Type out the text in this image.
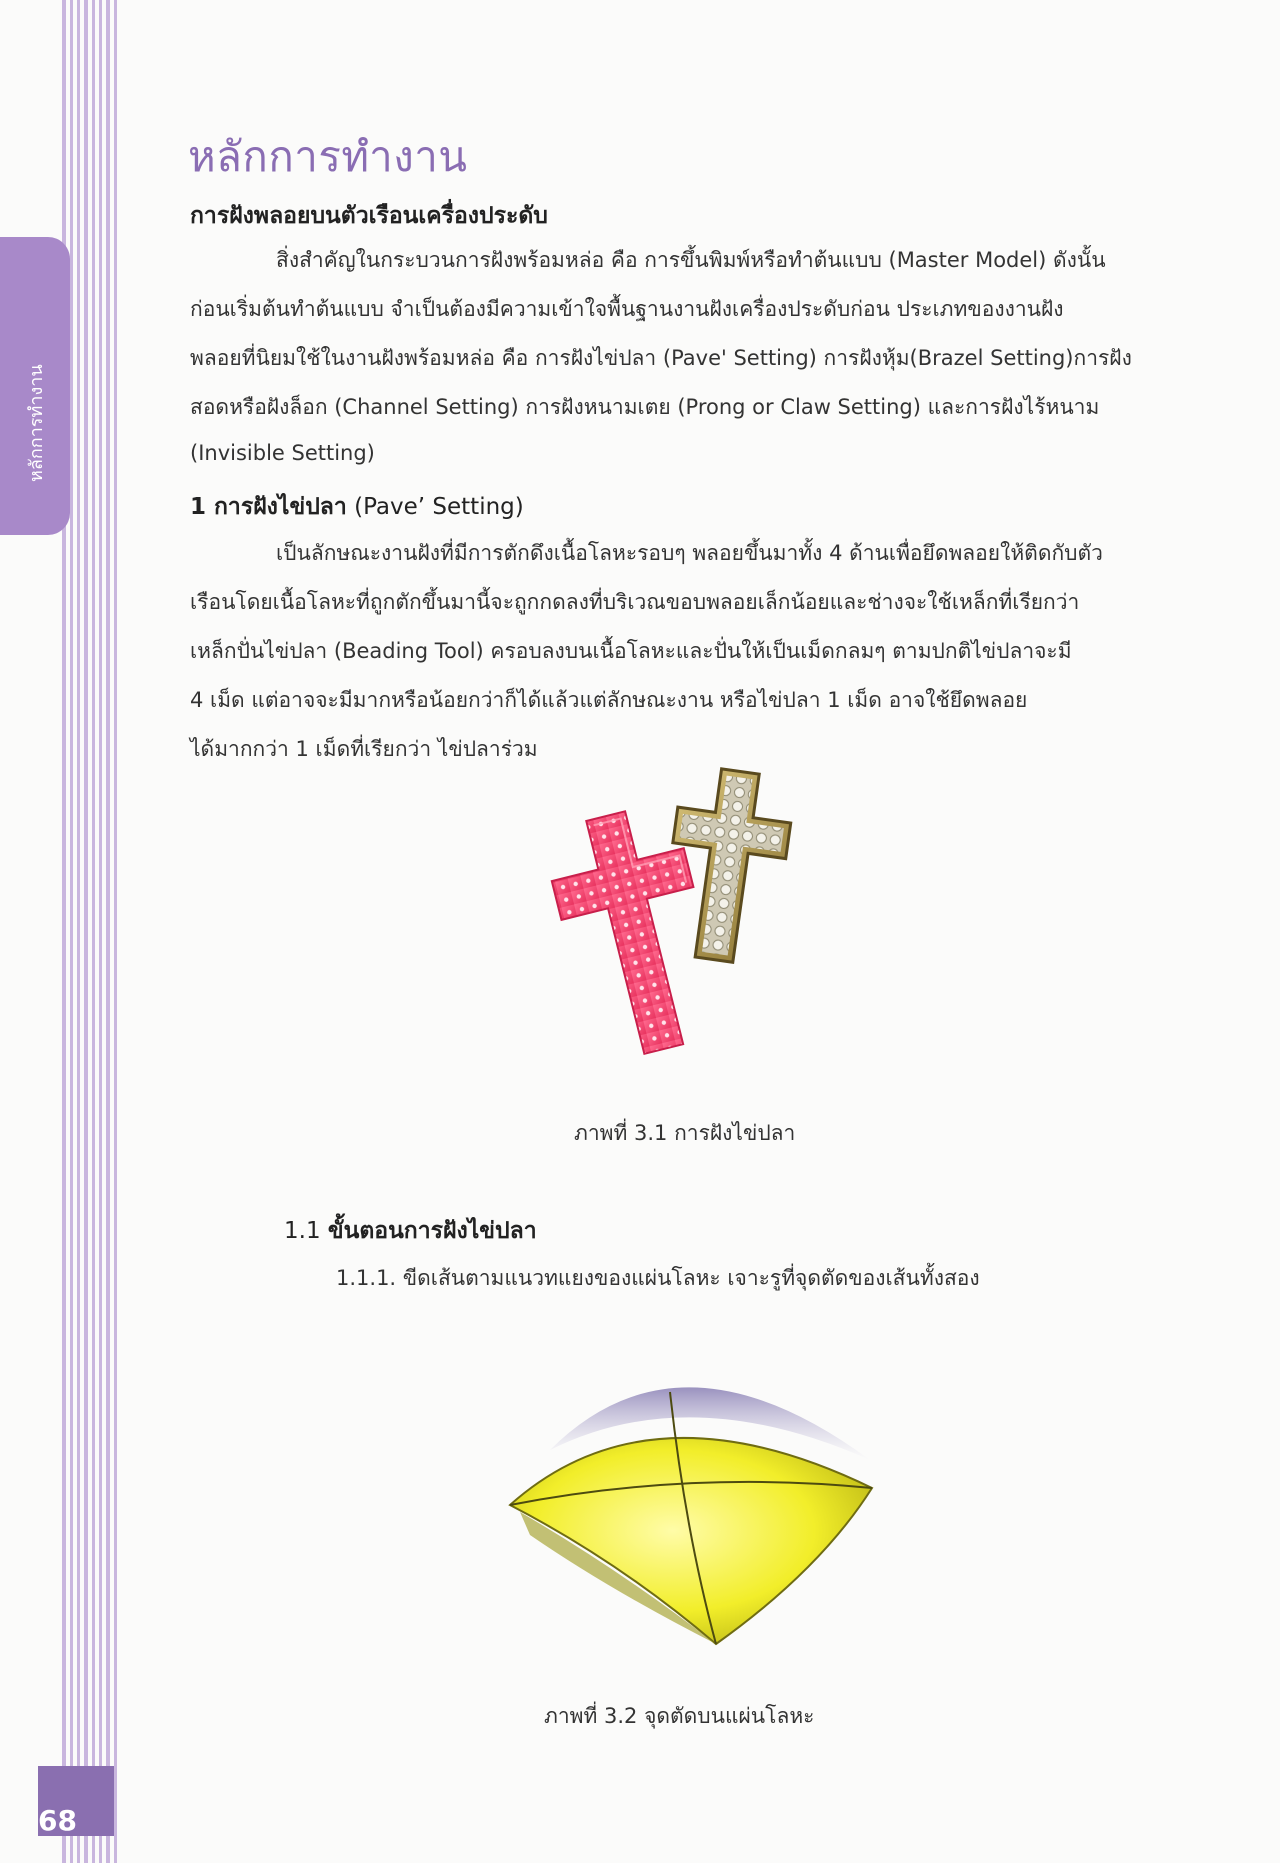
หลักการทำงาน
68
หลักการทำงาน
การฝังพลอยบนตัวเรือนเครื่องประดับ
สิ่งสำคัญในกระบวนการฝังพร้อมหล่อ คือ การขึ้นพิมพ์หรือทำต้นแบบ (Master Model) ดังนั้น
ก่อนเริ่มต้นทำต้นแบบ จำเป็นต้องมีความเข้าใจพื้นฐานงานฝังเครื่องประดับก่อน ประเภทของงานฝัง
พลอยที่นิยมใช้ในงานฝังพร้อมหล่อ คือ การฝังไข่ปลา (Pave' Setting) การฝังหุ้ม(Brazel Setting)การฝัง
สอดหรือฝังล็อก (Channel Setting) การฝังหนามเตย (Prong or Claw Setting) และการฝังไร้หนาม
(Invisible Setting)
1 การฝังไข่ปลา (Pave’ Setting)
เป็นลักษณะงานฝังที่มีการตักดึงเนื้อโลหะรอบๆ พลอยขึ้นมาทั้ง 4 ด้านเพื่อยึดพลอยให้ติดกับตัว
เรือนโดยเนื้อโลหะที่ถูกตักขึ้นมานี้จะถูกกดลงที่บริเวณขอบพลอยเล็กน้อยและช่างจะใช้เหล็กที่เรียกว่า
เหล็กปั่นไข่ปลา (Beading Tool) ครอบลงบนเนื้อโลหะและปั่นให้เป็นเม็ดกลมๆ ตามปกติไข่ปลาจะมี
4 เม็ด แต่อาจจะมีมากหรือน้อยกว่าก็ได้แล้วแต่ลักษณะงาน หรือไข่ปลา 1 เม็ด อาจใช้ยึดพลอย
ได้มากกว่า 1 เม็ดที่เรียกว่า ไข่ปลาร่วม
ภาพที่ 3.1 การฝังไข่ปลา
1.1 ขั้นตอนการฝังไข่ปลา
1.1.1. ขีดเส้นตามแนวทแยงของแผ่นโลหะ เจาะรูที่จุดตัดของเส้นทั้งสอง
ภาพที่ 3.2 จุดตัดบนแผ่นโลหะ
